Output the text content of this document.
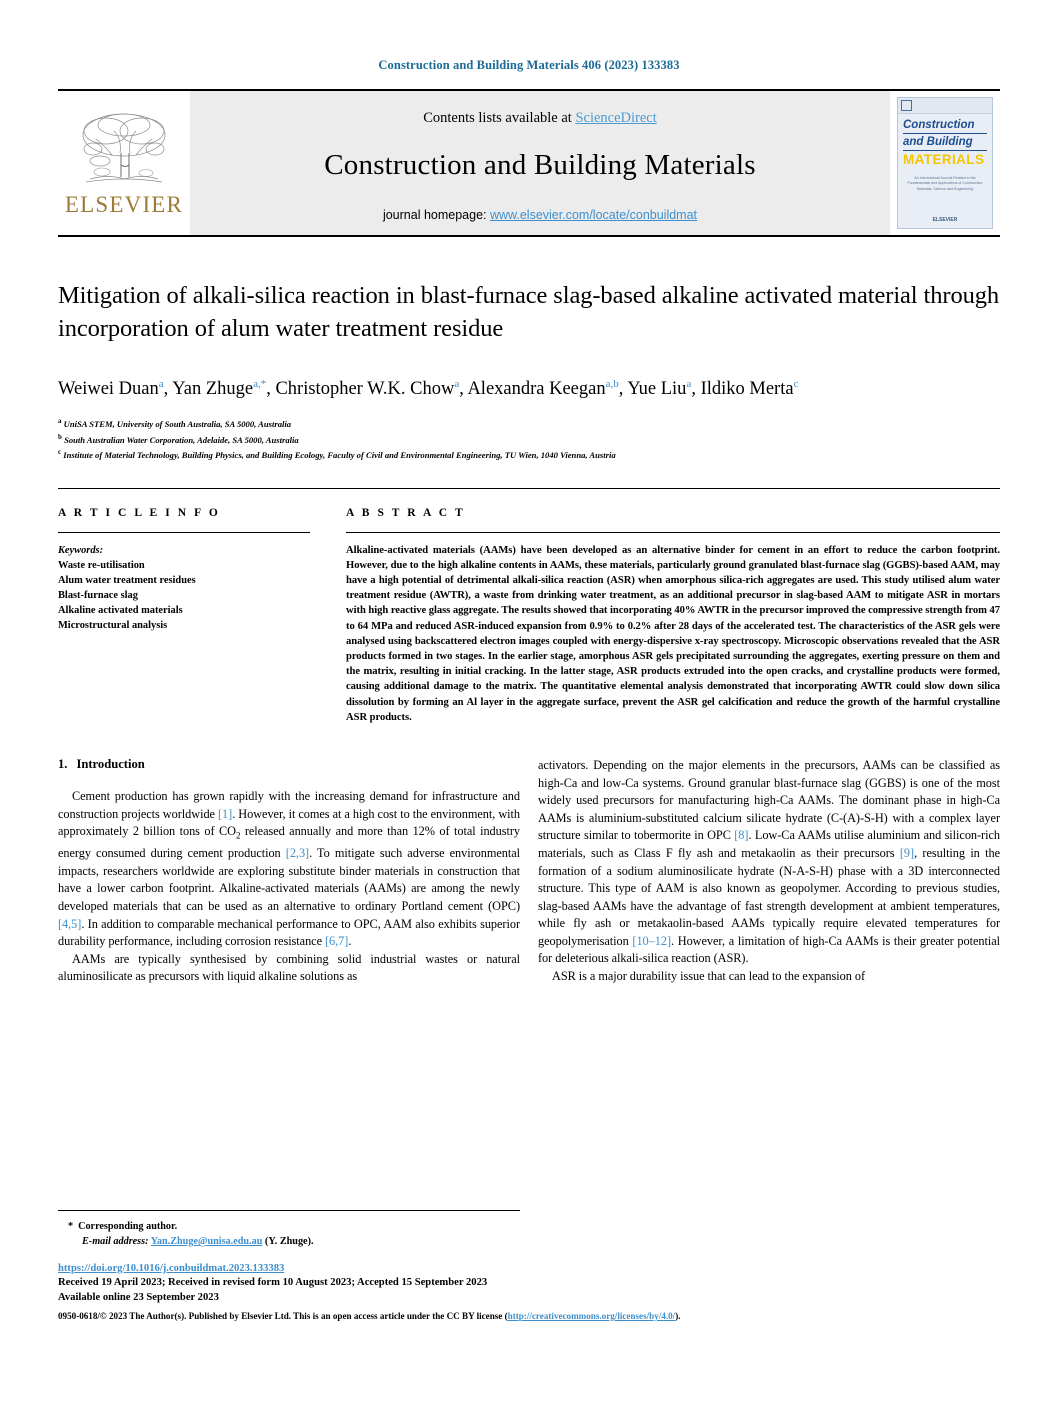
Construction and Building Materials 406 (2023) 133383
ELSEVIER
Contents lists available at ScienceDirect
Construction and Building Materials
journal homepage: www.elsevier.com/locate/conbuildmat
Construction
and Building
MATERIALS
An International Journal Related to the Fundamentals and Applications of Construction Materials, Science and Engineering
ELSEVIER
Mitigation of alkali-silica reaction in blast-furnace slag-based alkaline activated material through incorporation of alum water treatment residue
Weiwei Duan$^a$, Yan Zhuge$^{a,*}$, Christopher W.K. Chow$^a$, Alexandra Keegan$^{a,b}$, Yue Liu$^a$, Ildiko Merta$^c$
$^a$ UniSA STEM, University of South Australia, SA 5000, Australia
$^b$ South Australian Water Corporation, Adelaide, SA 5000, Australia
$^c$ Institute of Material Technology, Building Physics, and Building Ecology, Faculty of Civil and Environmental Engineering, TU Wien, 1040 Vienna, Austria
A R T I C L E I N F O
Keywords:
Waste re-utilisation
Alum water treatment residues
Blast-furnace slag
Alkaline activated materials
Microstructural analysis
A B S T R A C T
Alkaline-activated materials (AAMs) have been developed as an alternative binder for cement in an effort to reduce the carbon footprint. However, due to the high alkaline contents in AAMs, these materials, particularly ground granulated blast-furnace slag (GGBS)-based AAM, may have a high potential of detrimental alkali-silica reaction (ASR) when amorphous silica-rich aggregates are used. This study utilised alum water treatment residue (AWTR), a waste from drinking water treatment, as an additional precursor in slag-based AAM to mitigate ASR in mortars with high reactive glass aggregate. The results showed that incorporating 40% AWTR in the precursor improved the compressive strength from 47 to 64 MPa and reduced ASR-induced expansion from 0.9% to 0.2% after 28 days of the accelerated test. The characteristics of the ASR gels were analysed using backscattered electron images coupled with energy-dispersive x-ray spectroscopy. Microscopic observations revealed that the ASR products formed in two stages. In the earlier stage, amorphous ASR gels precipitated surrounding the aggregates, exerting pressure on them and the matrix, resulting in initial cracking. In the latter stage, ASR products extruded into the open cracks, and crystalline products were formed, causing additional damage to the matrix. The quantitative elemental analysis demonstrated that incorporating AWTR could slow down silica dissolution by forming an Al layer in the aggregate surface, prevent the ASR gel calcification and reduce the growth of the harmful crystalline ASR products.
1. Introduction

Cement production has grown rapidly with the increasing demand for infrastructure and construction projects worldwide [1]. However, it comes at a high cost to the environment, with approximately 2 billion tons of $CO_2$ released annually and more than 12% of total industry energy consumed during cement production [2,3]. To mitigate such adverse environmental impacts, researchers worldwide are exploring substitute binder materials in construction that have a lower carbon footprint. Alkaline-activated materials (AAMs) are among the newly developed materials that can be used as an alternative to ordinary Portland cement (OPC) [4,5]. In addition to comparable mechanical performance to OPC, AAM also exhibits superior durability performance, including corrosion resistance [6,7].

AAMs are typically synthesised by combining solid industrial wastes or natural aluminosilicate as precursors with liquid alkaline solutions as

activators. Depending on the major elements in the precursors, AAMs can be classified as high-Ca and low-Ca systems. Ground granular blast-furnace slag (GGBS) is one of the most widely used precursors for manufacturing high-Ca AAMs. The dominant phase in high-Ca AAMs is aluminium-substituted calcium silicate hydrate (C-(A)-S-H) with a complex layer structure similar to tobermorite in OPC [8]. Low-Ca AAMs utilise aluminium and silicon-rich materials, such as Class F fly ash and metakaolin as their precursors [9], resulting in the formation of a sodium aluminosilicate hydrate (N-A-S-H) phase with a 3D interconnected structure. This type of AAM is also known as geopolymer. According to previous studies, slag-based AAMs have the advantage of fast strength development at ambient temperatures, while fly ash or metakaolin-based AAMs typically require elevated temperatures for geopolymerisation [10–12]. However, a limitation of high-Ca AAMs is their greater potential for deleterious alkali-silica reaction (ASR).

ASR is a major durability issue that can lead to the expansion of

* Corresponding author.
E-mail address: Yan.Zhuge@unisa.edu.au (Y. Zhuge).
https://doi.org/10.1016/j.conbuildmat.2023.133383
Received 19 April 2023; Received in revised form 10 August 2023; Accepted 15 September 2023
Available online 23 September 2023
0950-0618/© 2023 The Author(s). Published by Elsevier Ltd. This is an open access article under the CC BY license (http://creativecommons.org/licenses/by/4.0/).
